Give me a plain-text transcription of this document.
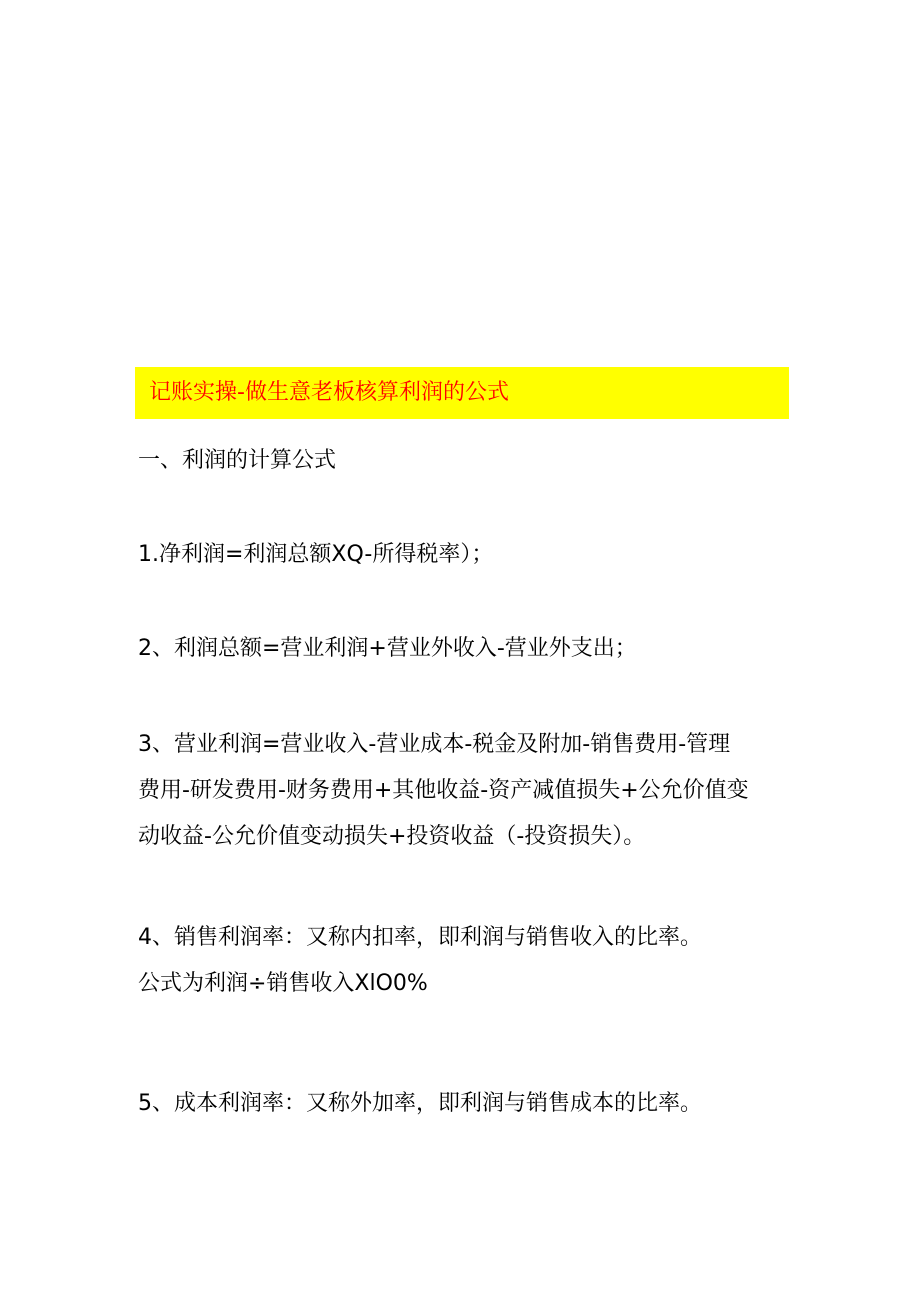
记账实操-做生意老板核算利润的公式
一、利润的计算公式
1.净利润=利润总额XQ-所得税率）；
2、利润总额=营业利润+营业外收入-营业外支出；
3、营业利润=营业收入-营业成本-税金及附加-销售费用-管理
费用-研发费用-财务费用+其他收益-资产减值损失+公允价值变
动收益-公允价值变动损失+投资收益（-投资损失）。
4、销售利润率：又称内扣率，即利润与销售收入的比率。
公式为利润÷销售收入XlO0%
5、成本利润率：又称外加率，即利润与销售成本的比率。
